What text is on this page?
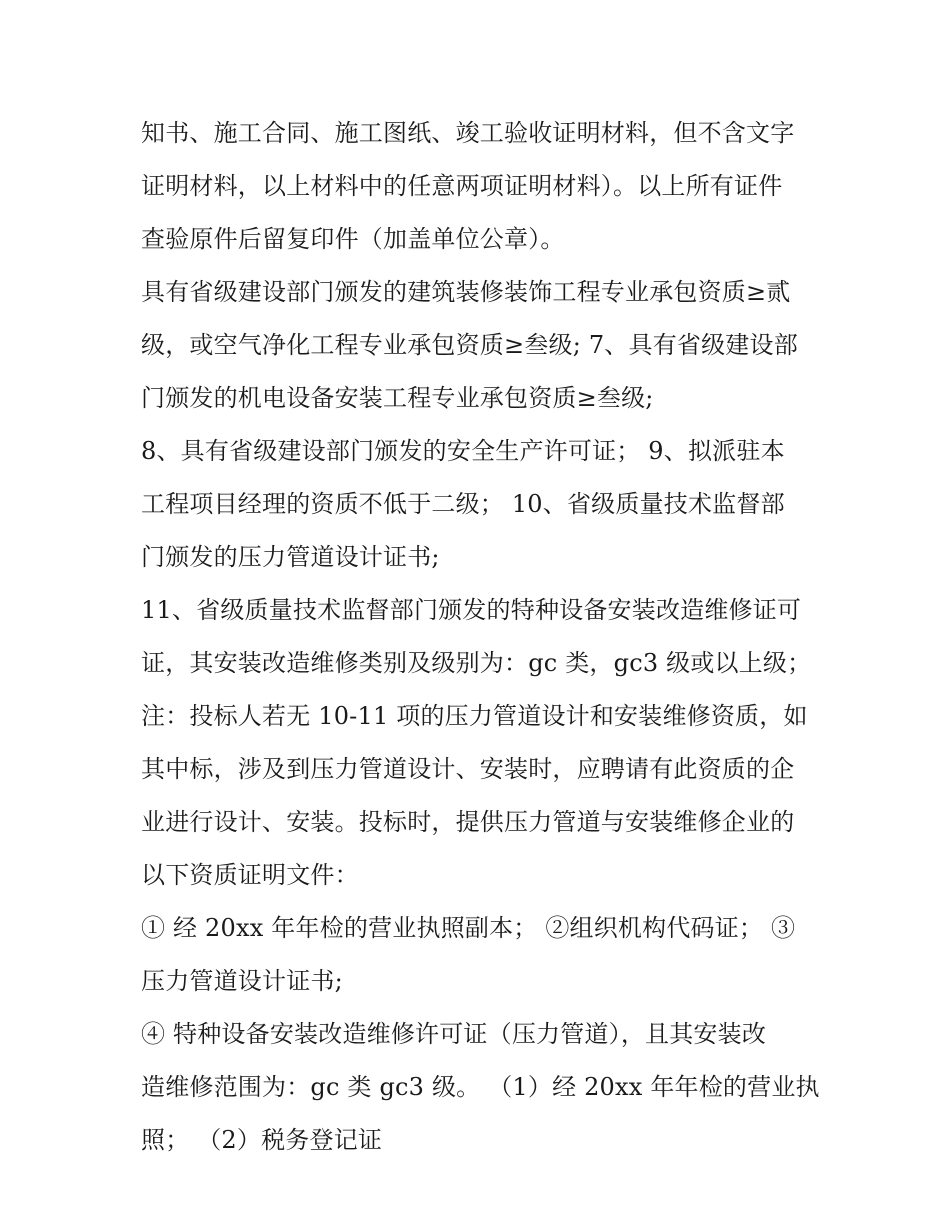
知书、施工合同、施工图纸、竣工验收证明材料，但不含文字
证明材料，以上材料中的任意两项证明材料）。以上所有证件
查验原件后留复印件（加盖单位公章）。
具有省级建设部门颁发的建筑装修装饰工程专业承包资质≥贰
级，或空气净化工程专业承包资质≥叁级; 7、具有省级建设部
门颁发的机电设备安装工程专业承包资质≥叁级;
8、具有省级建设部门颁发的安全生产许可证； 9、拟派驻本
工程项目经理的资质不低于二级； 10、省级质量技术监督部
门颁发的压力管道设计证书;
11、省级质量技术监督部门颁发的特种设备安装改造维修证可
证，其安装改造维修类别及级别为：gc 类，gc3 级或以上级；
注：投标人若无 10-11 项的压力管道设计和安装维修资质，如
其中标，涉及到压力管道设计、安装时，应聘请有此资质的企
业进行设计、安装。投标时，提供压力管道与安装维修企业的
以下资质证明文件：
① 经 20xx 年年检的营业执照副本； ②组织机构代码证； ③
压力管道设计证书;
④ 特种设备安装改造维修许可证（压力管道），且其安装改
造维修范围为：gc 类 gc3 级。 （1）经 20xx 年年检的营业执
照； （2）税务登记证
